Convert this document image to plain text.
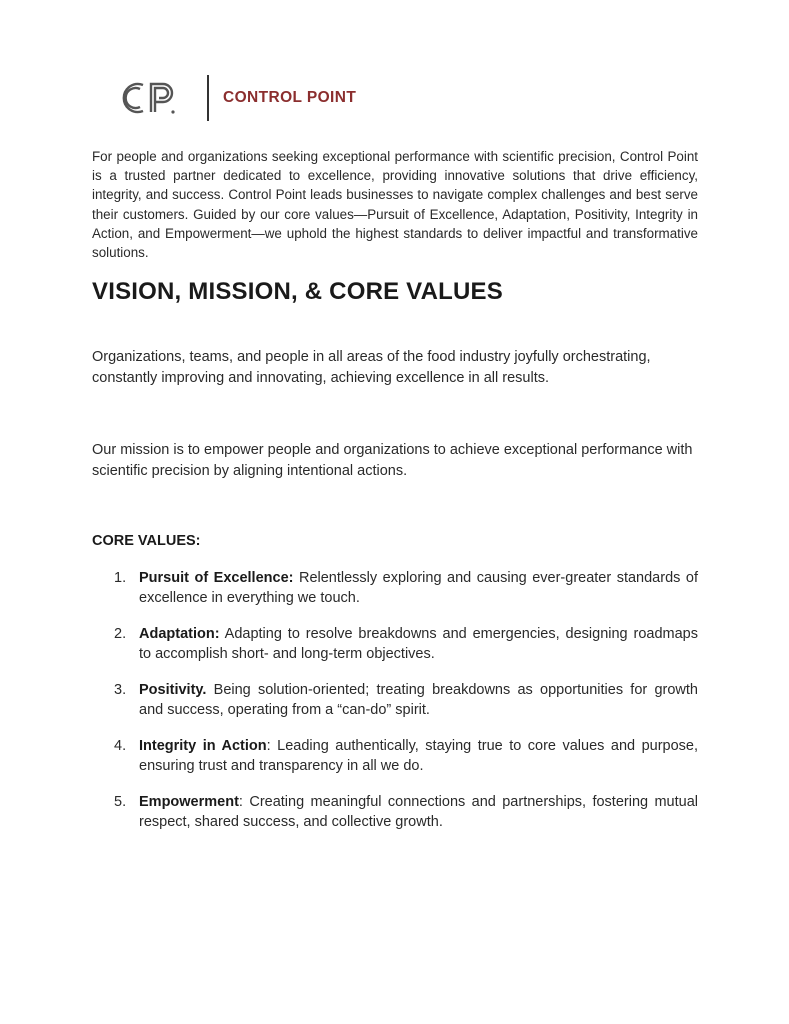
CONTROL POINT

For people and organizations seeking exceptional performance with scientific precision, Control Point is a trusted partner dedicated to excellence, providing innovative solutions that drive efficiency, integrity, and success. Control Point leads businesses to navigate complex challenges and best serve their customers. Guided by our core values—Pursuit of Excellence, Adaptation, Positivity, Integrity in Action, and Empowerment—we uphold the highest standards to deliver impactful and transformative solutions.

VISION, MISSION, & CORE VALUES

Organizations, teams, and people in all areas of the food industry joyfully orchestrating, constantly improving and innovating, achieving excellence in all results.

Our mission is to empower people and organizations to achieve exceptional performance with scientific precision by aligning intentional actions.

CORE VALUES:
1. Pursuit of Excellence: Relentlessly exploring and causing ever-greater standards of excellence in everything we touch.
2. Adaptation: Adapting to resolve breakdowns and emergencies, designing roadmaps to accomplish short- and long-term objectives.
3. Positivity. Being solution-oriented; treating breakdowns as opportunities for growth and success, operating from a “can-do” spirit.
4. Integrity in Action: Leading authentically, staying true to core values and purpose, ensuring trust and transparency in all we do.
5. Empowerment: Creating meaningful connections and partnerships, fostering mutual respect, shared success, and collective growth.
